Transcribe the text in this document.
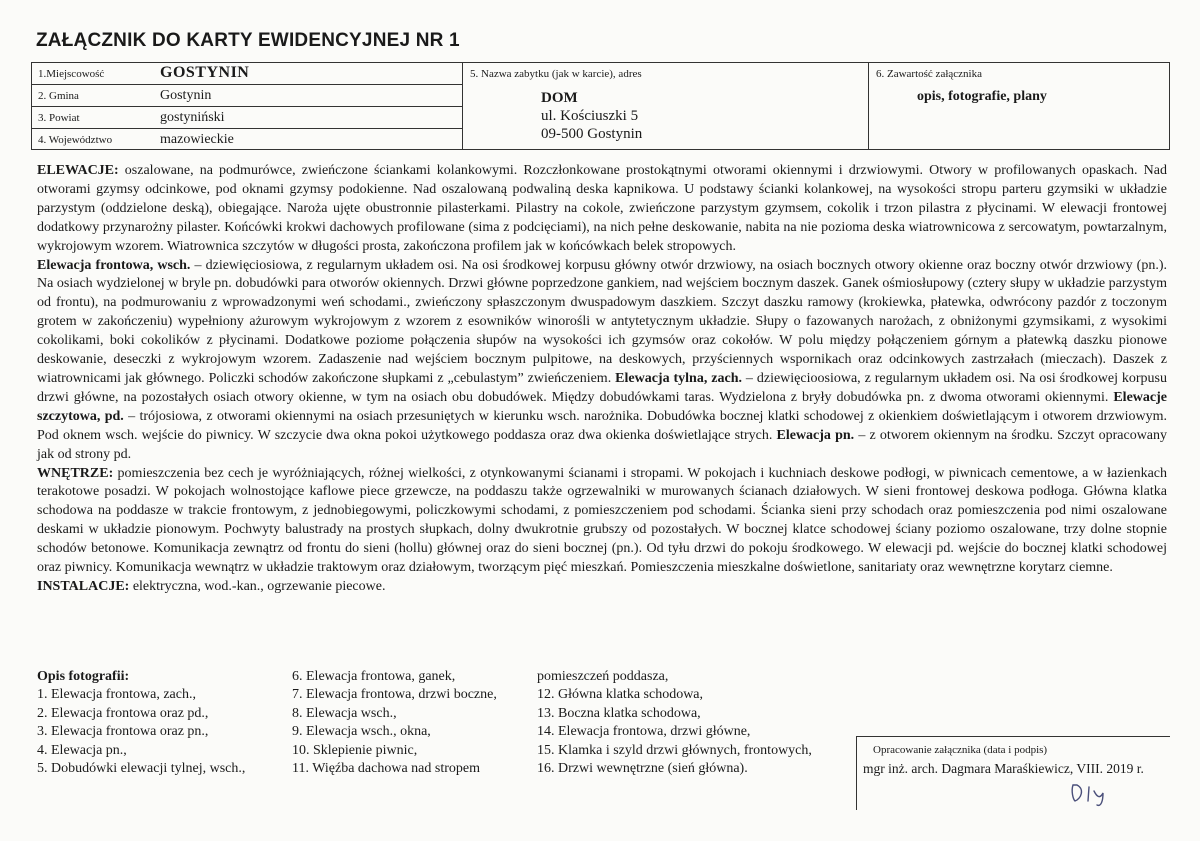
ZAŁĄCZNIK DO KARTY EWIDENCYJNEJ NR 1
1.Miejscowość	GOSTYNIN
2. Gmina	Gostynin
3. Powiat	gostyniński
4. Województwo	mazowieckie
5. Nazwa zabytku (jak w karcie), adres
DOM
ul. Kościuszki 5
09-500 Gostynin
6. Zawartość załącznika
opis, fotografie, plany

ELEWACJE: oszalowane, na podmurówce, zwieńczone ściankami kolankowymi. Rozczłonkowane prostokątnymi otworami okiennymi i drzwiowymi. Otwory w profilowanych opaskach. Nad otworami gzymsy odcinkowe, pod oknami gzymsy podokienne. Nad oszalowaną podwaliną deska kapnikowa. U podstawy ścianki kolankowej, na wysokości stropu parteru gzymsiki w układzie parzystym (oddzielone deską), obiegające. Naroża ujęte obustronnie pilasterkami. Pilastry na cokole, zwieńczone parzystym gzymsem, cokolik i trzon pilastra z płycinami. W elewacji frontowej dodatkowy przynarożny pilaster. Końcówki krokwi dachowych profilowane (sima z podcięciami), na nich pełne deskowanie, nabita na nie pozioma deska wiatrownicowa z sercowatym, powtarzalnym, wykrojowym wzorem. Wiatrownica szczytów w długości prosta, zakończona profilem jak w końcówkach belek stropowych.

Elewacja frontowa, wsch. – dziewięciosiowa, z regularnym układem osi. Na osi środkowej korpusu główny otwór drzwiowy, na osiach bocznych otwory okienne oraz boczny otwór drzwiowy (pn.). Na osiach wydzielonej w bryle pn. dobudówki para otworów okiennych. Drzwi główne poprzedzone gankiem, nad wejściem bocznym daszek. Ganek ośmiosłupowy (cztery słupy w układzie parzystym od frontu), na podmurowaniu z wprowadzonymi weń schodami., zwieńczony spłaszczonym dwuspadowym daszkiem. Szczyt daszku ramowy (krokiewka, płatewka, odwrócony pazdór z toczonym grotem w zakończeniu) wypełniony ażurowym wykrojowym z wzorem z esowników winorośli w antytetycznym układzie. Słupy o fazowanych narożach, z obniżonymi gzymsikami, z wysokimi cokolikami, boki cokolików z płycinami. Dodatkowe poziome połączenia słupów na wysokości ich gzymsów oraz cokołów. W polu między połączeniem górnym a płatewką daszku pionowe deskowanie, deseczki z wykrojowym wzorem. Zadaszenie nad wejściem bocznym pulpitowe, na deskowych, przyściennych wspornikach oraz odcinkowych zastrzałach (mieczach). Daszek z wiatrownicami jak głównego. Policzki schodów zakończone słupkami z „cebulastym” zwieńczeniem. Elewacja tylna, zach. – dziewięcioosiowa, z regularnym układem osi. Na osi środkowej korpusu drzwi główne, na pozostałych osiach otwory okienne, w tym na osiach obu dobudówek. Między dobudówkami taras. Wydzielona z bryły dobudówka pn. z dwoma otworami okiennymi. Elewacje szczytowa, pd. – trójosiowa, z otworami okiennymi na osiach przesuniętych w kierunku wsch. narożnika. Dobudówka bocznej klatki schodowej z okienkiem doświetlającym i otworem drzwiowym. Pod oknem wsch. wejście do piwnicy. W szczycie dwa okna pokoi użytkowego poddasza oraz dwa okienka doświetlające strych. Elewacja pn. – z otworem okiennym na środku. Szczyt opracowany jak od strony pd.

WNĘTRZE: pomieszczenia bez cech je wyróżniających, różnej wielkości, z otynkowanymi ścianami i stropami. W pokojach i kuchniach deskowe podłogi, w piwnicach cementowe, a w łazienkach terakotowe posadzi. W pokojach wolnostojące kaflowe piece grzewcze, na poddaszu także ogrzewalniki w murowanych ścianach działowych. W sieni frontowej deskowa podłoga. Główna klatka schodowa na poddasze w trakcie frontowym, z jednobiegowymi, policzkowymi schodami, z pomieszczeniem pod schodami. Ścianka sieni przy schodach oraz pomieszczenia pod nimi oszalowane deskami w układzie pionowym. Pochwyty balustrady na prostych słupkach, dolny dwukrotnie grubszy od pozostałych. W bocznej klatce schodowej ściany poziomo oszalowane, trzy dolne stopnie schodów betonowe. Komunikacja zewnątrz od frontu do sieni (hollu) głównej oraz do sieni bocznej (pn.). Od tyłu drzwi do pokoju środkowego. W elewacji pd. wejście do bocznej klatki schodowej oraz piwnicy. Komunikacja wewnątrz w układzie traktowym oraz działowym, tworzącym pięć mieszkań. Pomieszczenia mieszkalne doświetlone, sanitariaty oraz wewnętrzne korytarz ciemne.

INSTALACJE: elektryczna, wod.-kan., ogrzewanie piecowe.

Opis fotografii:
1. Elewacja frontowa, zach.,
2. Elewacja frontowa oraz pd.,
3. Elewacja frontowa oraz pn.,
4. Elewacja pn.,
5. Dobudówki elewacji tylnej, wsch.,
6. Elewacja frontowa, ganek,
7. Elewacja frontowa, drzwi boczne,
8. Elewacja wsch.,
9. Elewacja wsch., okna,
10. Sklepienie piwnic,
11. Więźba dachowa nad stropem
pomieszczeń poddasza,
12. Główna klatka schodowa,
13. Boczna klatka schodowa,
14. Elewacja frontowa, drzwi główne,
15. Klamka i szyld drzwi głównych, frontowych,
16. Drzwi wewnętrzne (sień główna).
Opracowanie załącznika (data i podpis)
mgr inż. arch. Dagmara Maraśkiewicz, VIII. 2019 r.
